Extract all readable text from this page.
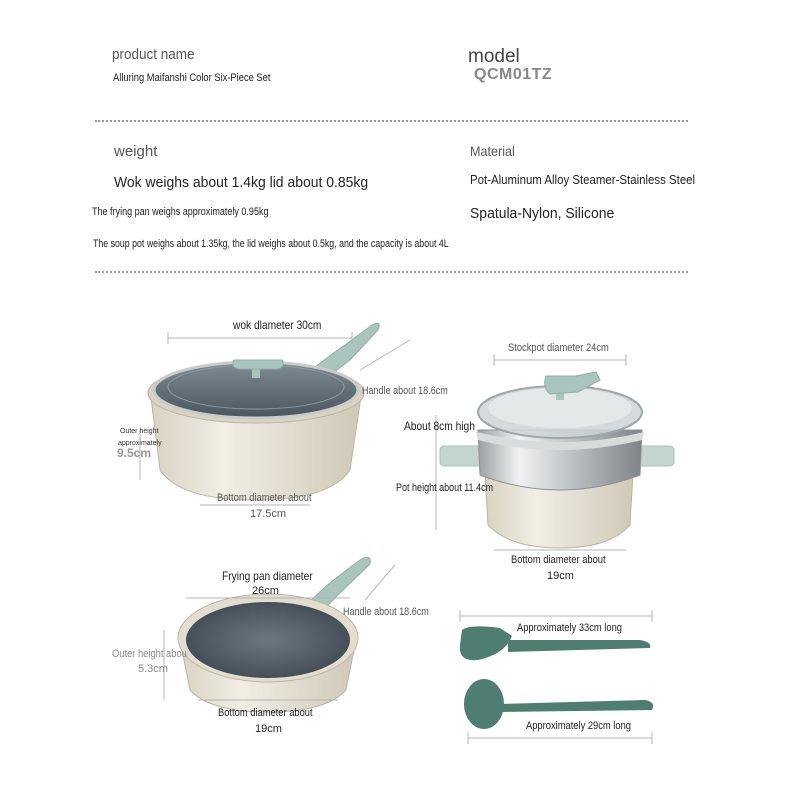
product name
Alluring Maifanshi Color Six-Piece Set
model
QCM01TZ
weight
Wok weighs about 1.4kg lid about 0.85kg
The frying pan weighs approximately 0.95kg
The soup pot weighs about 1.35kg, the lid weighs about 0.5kg, and the capacity is about 4L
Material
Pot-Aluminum Alloy Steamer-Stainless Steel
Spatula-Nylon, Silicone
wok dlameter 30cm
Handle about 18.6cm
Outer height
approximately
9.5cm
Bottom diameter about
17.5cm
Stockpot diameter 24cm
About 8cm high
Pot height about 11.4cm
Bottom diameter about
19cm
Frying pan diameter
26cm
Handle about 18.6cm
Outer height abou
5.3cm
Bottom diameter about
19cm
Approximately 33cm long
Approximately 29cm long
